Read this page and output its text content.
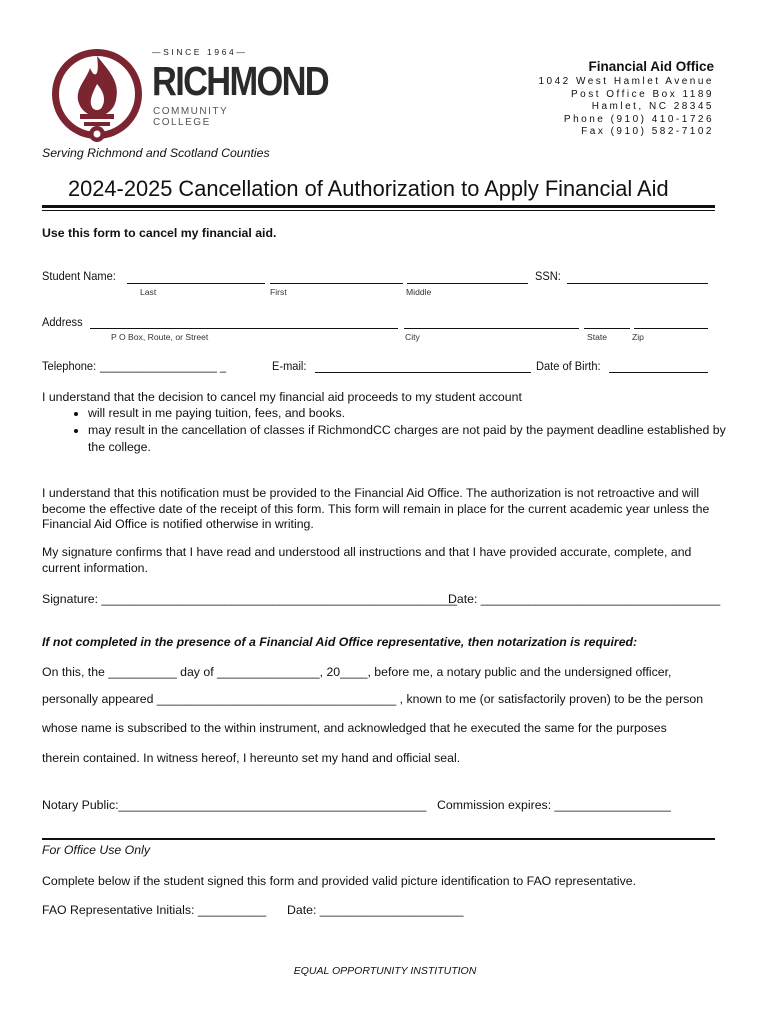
—SINCE 1964—
RICHMOND
COMMUNITY COLLEGE
Financial Aid Office
1042 West Hamlet Avenue
Post Office Box 1189
Hamlet, NC 28345
Phone (910) 410-1726
Fax (910) 582-7102
Serving Richmond and Scotland Counties
2024-2025 Cancellation of Authorization to Apply Financial Aid
Use this form to cancel my financial aid.
Student Name:
Last	First	Middle
SSN:
Address
P O Box, Route, or Street	City	State	Zip
Telephone: ___________________ _	E-mail:	Date of Birth:
I understand that the decision to cancel my financial aid proceeds to my student account
• will result in me paying tuition, fees, and books.
• may result in the cancellation of classes if RichmondCC charges are not paid by the payment deadline established by the college.
I understand that this notification must be provided to the Financial Aid Office. The authorization is not retroactive and will become the effective date of the receipt of this form. This form will remain in place for the current academic year unless the Financial Aid Office is notified otherwise in writing.
My signature confirms that I have read and understood all instructions and that I have provided accurate, complete, and current information.
Signature: ____________________________________________________
Date: ___________________________________
If not completed in the presence of a Financial Aid Office representative, then notarization is required:
On this, the __________ day of _______________, 20____, before me, a notary public and the undersigned officer,
personally appeared ___________________________________ , known to me (or satisfactorily proven) to be the person
whose name is subscribed to the within instrument, and acknowledged that he executed the same for the purposes
therein contained. In witness hereof, I hereunto set my hand and official seal.
Notary Public:_____________________________________________ Commission expires: _________________
For Office Use Only
Complete below if the student signed this form and provided valid picture identification to FAO representative.
FAO Representative Initials: __________ Date: _____________________
EQUAL OPPORTUNITY INSTITUTION
